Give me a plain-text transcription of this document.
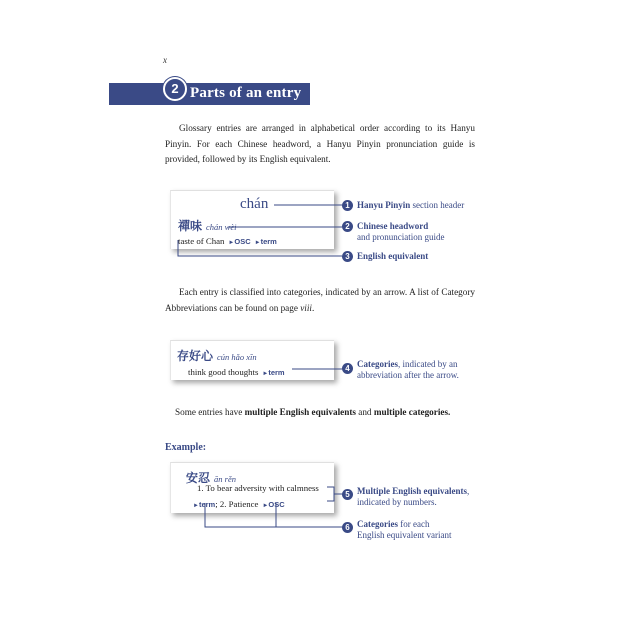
x
2 Parts of an entry
Glossary entries are arranged in alphabetical order according to its Hanyu Pinyin. For each Chinese headword, a Hanyu Pinyin pronunciation guide is provided, followed by its English equivalent.
chán
禪味 chán wèi
taste of Chan ►OSC ►term
1 Hanyu Pinyin section header
2 Chinese headword
and pronunciation guide
3 English equivalent
Each entry is classified into categories, indicated by an arrow. A list of Category Abbreviations can be found on page viii.
存好心 cún hǎo xīn
think good thoughts ►term	4 Categories, indicated by an
abbreviation after the arrow.
Some entries have multiple English equivalents and multiple categories.
Example:
安忍 ān rěn
1. To bear adversity with calmness
►term; 2. Patience ►OSC
5 Multiple English equivalents,
indicated by numbers.
6 Categories for each
English equivalent variant
